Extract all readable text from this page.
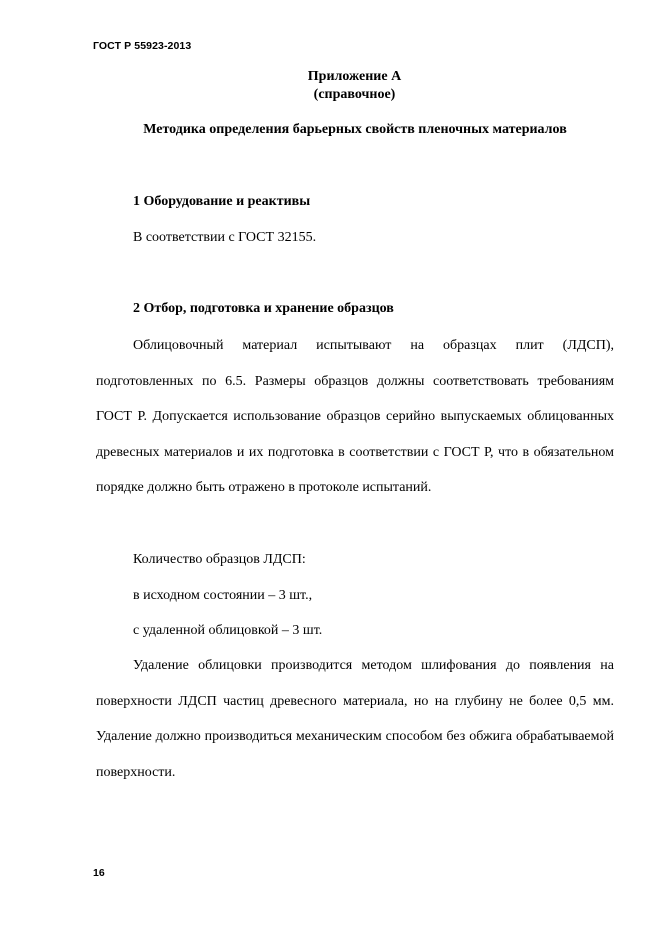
ГОСТ Р 55923-2013
Приложение А
(справочное)
Методика определения барьерных свойств пленочных материалов
1 Оборудование и реактивы
В соответствии с ГОСТ 32155.
2 Отбор, подготовка и хранение образцов

Облицовочный материал испытывают на образцах плит (ЛДСП), подготовленных по 6.5. Размеры образцов должны соответствовать требованиям ГОСТ Р. Допускается использование образцов серийно выпускаемых облицованных древесных материалов и их подготовка в соответствии с ГОСТ Р, что в обязательном порядке должно быть отражено в протоколе испытаний.

Количество образцов ЛДСП:
в исходном состоянии – 3 шт.,
с удаленной облицовкой – 3 шт.

Удаление облицовки производится методом шлифования до появления на поверхности ЛДСП частиц древесного материала, но на глубину не более 0,5 мм. Удаление должно производиться механическим способом без обжига обрабатываемой поверхности.

16
